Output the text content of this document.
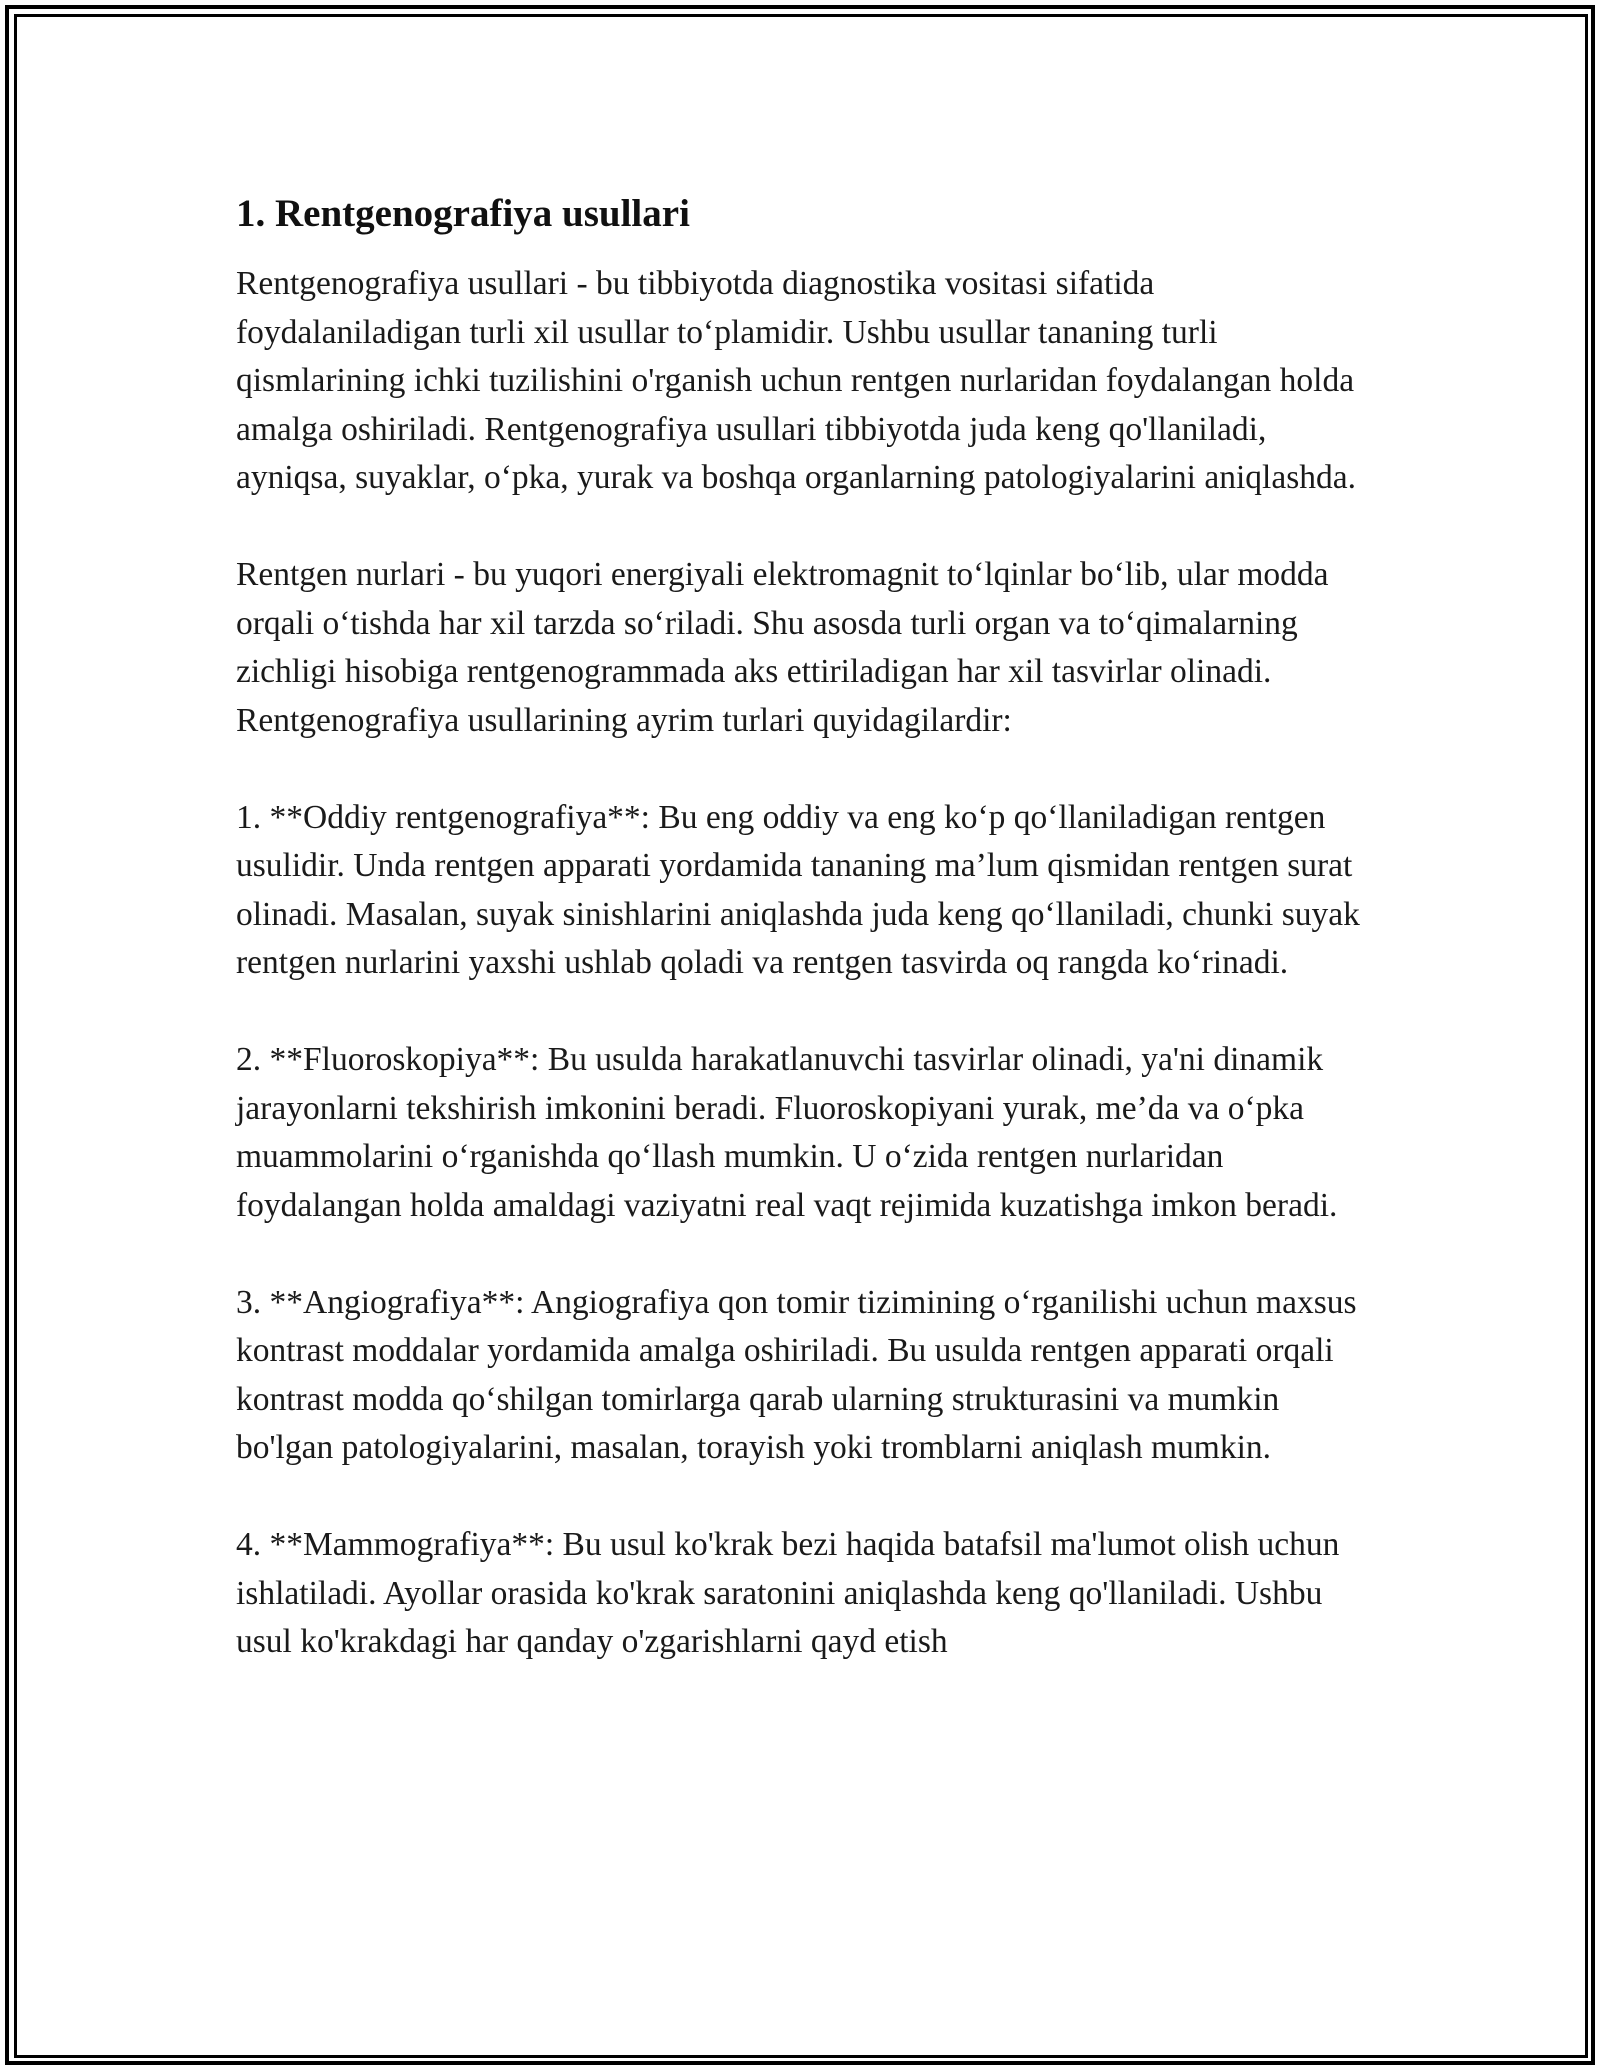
1. Rentgenografiya usullari

Rentgenografiya usullari - bu tibbiyotda diagnostika vositasi sifatida foydalaniladigan turli xil usullar to‘plamidir. Ushbu usullar tananing turli qismlarining ichki tuzilishini o'rganish uchun rentgen nurlaridan foydalangan holda amalga oshiriladi. Rentgenografiya usullari tibbiyotda juda keng qo'llaniladi, ayniqsa, suyaklar, o‘pka, yurak va boshqa organlarning patologiyalarini aniqlashda.

Rentgen nurlari - bu yuqori energiyali elektromagnit to‘lqinlar bo‘lib, ular modda orqali o‘tishda har xil tarzda so‘riladi. Shu asosda turli organ va to‘qimalarning zichligi hisobiga rentgenogrammada aks ettiriladigan har xil tasvirlar olinadi. Rentgenografiya usullarining ayrim turlari quyidagilardir:

1. **Oddiy rentgenografiya**: Bu eng oddiy va eng ko‘p qo‘llaniladigan rentgen usulidir. Unda rentgen apparati yordamida tananing ma’lum qismidan rentgen surat olinadi. Masalan, suyak sinishlarini aniqlashda juda keng qo‘llaniladi, chunki suyak rentgen nurlarini yaxshi ushlab qoladi va rentgen tasvirda oq rangda ko‘rinadi.

2. **Fluoroskopiya**: Bu usulda harakatlanuvchi tasvirlar olinadi, ya'ni dinamik jarayonlarni tekshirish imkonini beradi. Fluoroskopiyani yurak, me’da va o‘pka muammolarini o‘rganishda qo‘llash mumkin. U o‘zida rentgen nurlaridan foydalangan holda amaldagi vaziyatni real vaqt rejimida kuzatishga imkon beradi.

3. **Angiografiya**: Angiografiya qon tomir tizimining o‘rganilishi uchun maxsus kontrast moddalar yordamida amalga oshiriladi. Bu usulda rentgen apparati orqali kontrast modda qo‘shilgan tomirlarga qarab ularning strukturasini va mumkin bo'lgan patologiyalarini, masalan, torayish yoki tromblarni aniqlash mumkin.

4. **Mammografiya**: Bu usul ko'krak bezi haqida batafsil ma'lumot olish uchun ishlatiladi. Ayollar orasida ko'krak saratonini aniqlashda keng qo'llaniladi. Ushbu usul ko'krakdagi har qanday o'zgarishlarni qayd etish
